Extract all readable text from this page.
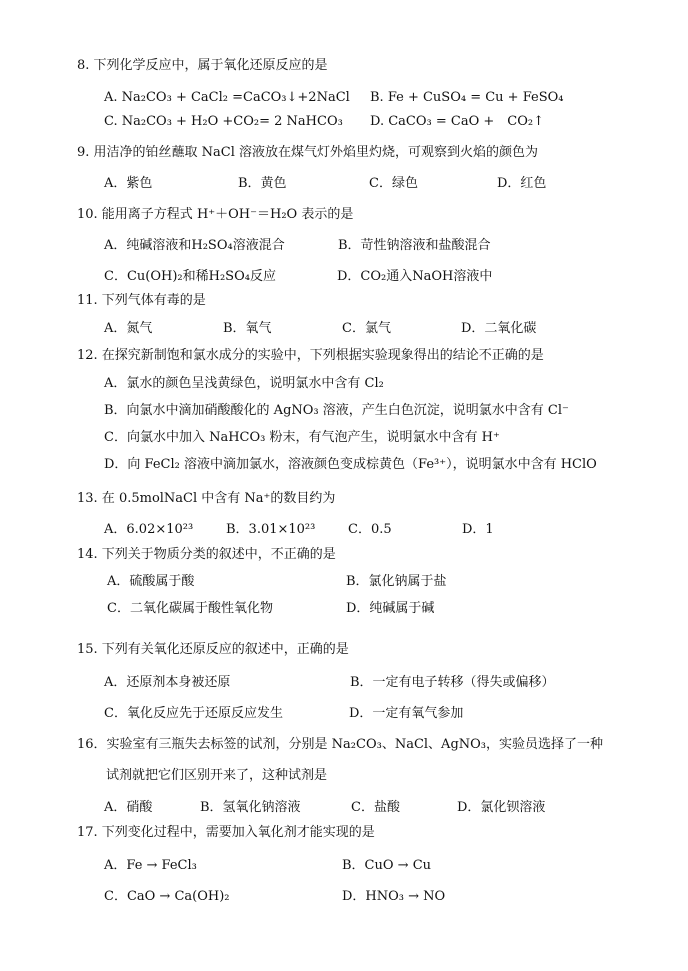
8. 下列化学反应中，属于氧化还原反应的是
A. Na₂CO₃ + CaCl₂ =CaCO₃↓+2NaCl B. Fe + CuSO₄ = Cu + FeSO₄
C. Na₂CO₃ + H₂O +CO₂= 2 NaHCO₃ D. CaCO₃ = CaO +　CO₂↑
9. 用洁净的铂丝蘸取 NaCl 溶液放在煤气灯外焰里灼烧，可观察到火焰的颜色为
A．紫色	B．黄色	C．绿色	D．红色
10. 能用离子方程式 H⁺＋OH⁻＝H₂O 表示的是
A．纯碱溶液和H₂SO₄溶液混合	B．苛性钠溶液和盐酸混合
C．Cu(OH)₂和稀H₂SO₄反应	D．CO₂通入NaOH溶液中
11. 下列气体有毒的是
A．氮气	B．氧气	C．氯气	D．二氧化碳
12. 在探究新制饱和氯水成分的实验中，下列根据实验现象得出的结论不正确的是
A．氯水的颜色呈浅黄绿色，说明氯水中含有 Cl₂
B．向氯水中滴加硝酸酸化的 AgNO₃ 溶液，产生白色沉淀，说明氯水中含有 Cl⁻
C．向氯水中加入 NaHCO₃ 粉末，有气泡产生，说明氯水中含有 H⁺
D．向 FeCl₂ 溶液中滴加氯水，溶液颜色变成棕黄色（Fe³⁺），说明氯水中含有 HClO
13. 在 0.5molNaCl 中含有 Na⁺的数目约为
A．6.02×10²³	B．3.01×10²³	C．0.5	D．1
14. 下列关于物质分类的叙述中，不正确的是
A．硫酸属于酸	B．氯化钠属于盐
C．二氧化碳属于酸性氧化物	D．纯碱属于碱
15. 下列有关氧化还原反应的叙述中，正确的是
A．还原剂本身被还原	B．一定有电子转移（得失或偏移）
C．氧化反应先于还原反应发生	D．一定有氧气参加
16．实验室有三瓶失去标签的试剂，分别是 Na₂CO₃、NaCl、AgNO₃，实验员选择了一种
试剂就把它们区别开来了，这种试剂是
A．硝酸	B．氢氧化钠溶液	C．盐酸	D．氯化钡溶液
17. 下列变化过程中，需要加入氧化剂才能实现的是
A．Fe → FeCl₃	B．CuO → Cu
C．CaO → Ca(OH)₂	D．HNO₃ → NO
